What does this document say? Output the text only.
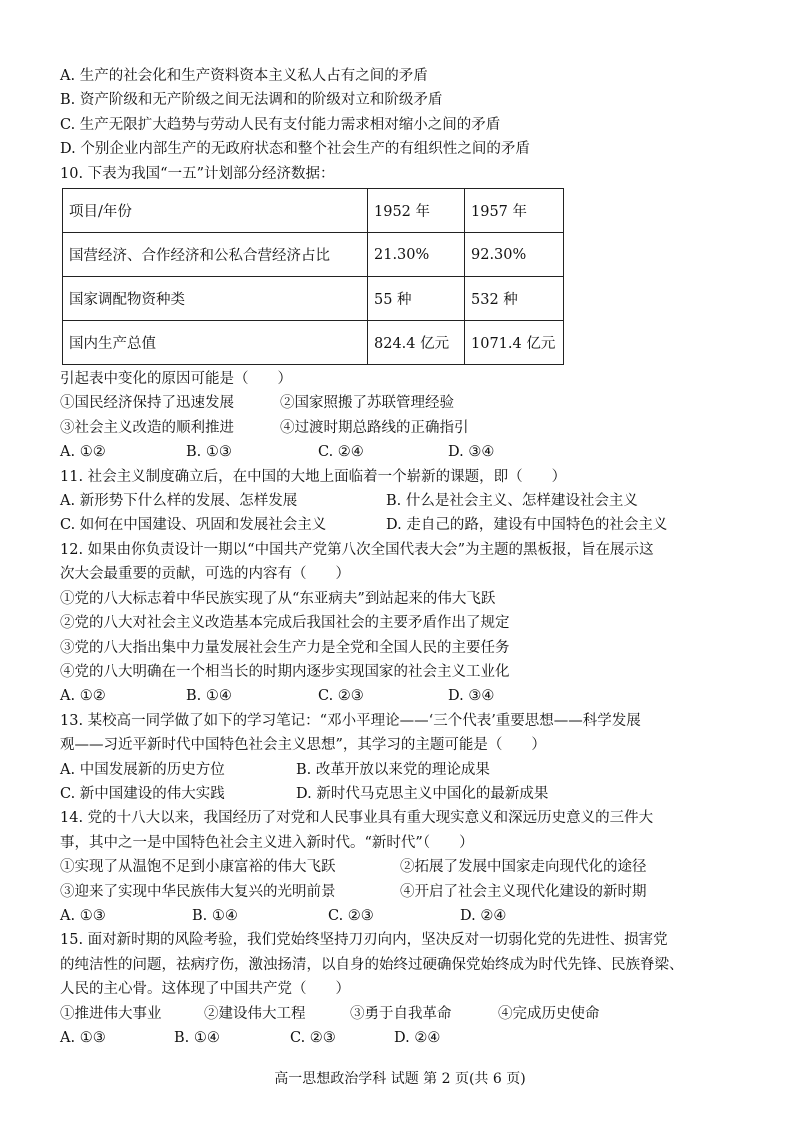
A. 生产的社会化和生产资料资本主义私人占有之间的矛盾
B. 资产阶级和无产阶级之间无法调和的阶级对立和阶级矛盾
C. 生产无限扩大趋势与劳动人民有支付能力需求相对缩小之间的矛盾
D. 个别企业内部生产的无政府状态和整个社会生产的有组织性之间的矛盾
10. 下表为我国“一五”计划部分经济数据：
项目/年份	1952 年	1957 年
国营经济、合作经济和公私合营经济占比	21.30%	92.30%
国家调配物资种类	55 种	532 种
国内生产总值	824.4 亿元	1071.4 亿元
引起表中变化的原因可能是（　　）
①国民经济保持了迅速发展	②国家照搬了苏联管理经验
③社会主义改造的顺利推进	④过渡时期总路线的正确指引
A. ①②	B. ①③	C. ②④	D. ③④
11. 社会主义制度确立后，在中国的大地上面临着一个崭新的课题，即（　　）
A. 新形势下什么样的发展、怎样发展	B. 什么是社会主义、怎样建设社会主义
C. 如何在中国建设、巩固和发展社会主义	D. 走自己的路，建设有中国特色的社会主义
12. 如果由你负责设计一期以“中国共产党第八次全国代表大会”为主题的黑板报，旨在展示这
次大会最重要的贡献，可选的内容有（　　）
①党的八大标志着中华民族实现了从“东亚病夫”到站起来的伟大飞跃
②党的八大对社会主义改造基本完成后我国社会的主要矛盾作出了规定
③党的八大指出集中力量发展社会生产力是全党和全国人民的主要任务
④党的八大明确在一个相当长的时期内逐步实现国家的社会主义工业化
A. ①②	B. ①④	C. ②③	D. ③④
13. 某校高一同学做了如下的学习笔记：“邓小平理论——‘三个代表’重要思想——科学发展
观——习近平新时代中国特色社会主义思想”，其学习的主题可能是（　　）
A. 中国发展新的历史方位	B. 改革开放以来党的理论成果
C. 新中国建设的伟大实践	D. 新时代马克思主义中国化的最新成果
14. 党的十八大以来，我国经历了对党和人民事业具有重大现实意义和深远历史意义的三件大
事，其中之一是中国特色社会主义进入新时代。“新时代”（　　）
①实现了从温饱不足到小康富裕的伟大飞跃	②拓展了发展中国家走向现代化的途径
③迎来了实现中华民族伟大复兴的光明前景	④开启了社会主义现代化建设的新时期
A. ①③	B. ①④	C. ②③	D. ②④
15. 面对新时期的风险考验，我们党始终坚持刀刃向内，坚决反对一切弱化党的先进性、损害党
的纯洁性的问题，祛病疗伤，激浊扬清，以自身的始终过硬确保党始终成为时代先锋、民族脊梁、
人民的主心骨。这体现了中国共产党（　　）
①推进伟大事业	②建设伟大工程	③勇于自我革命	④完成历史使命
A. ①③	B. ①④	C. ②③	D. ②④
高一思想政治学科 试题 第 2 页(共 6 页)
